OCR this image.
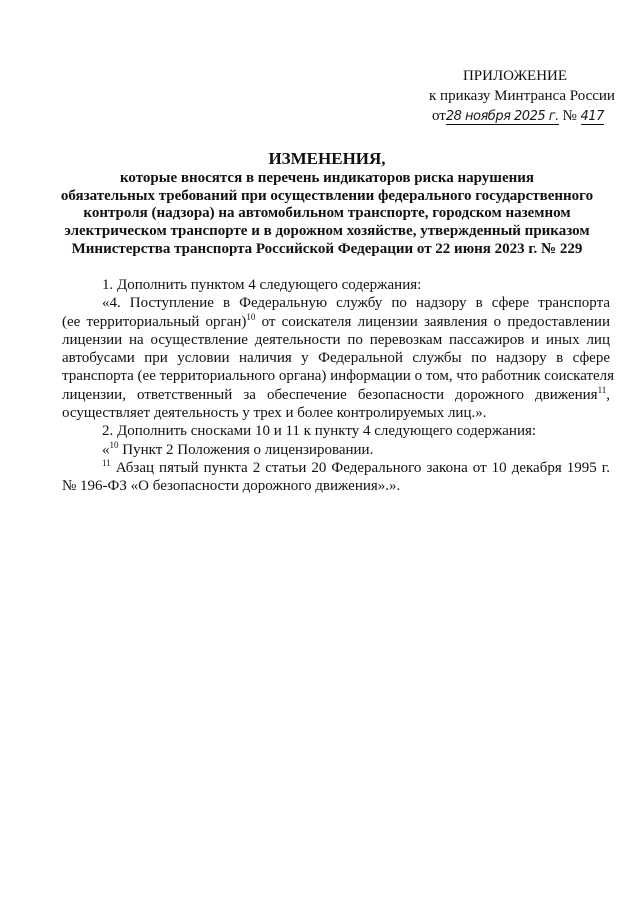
ПРИЛОЖЕНИЕ
к приказу Минтранса России
от28 ноября 2025 г. № 417
ИЗМЕНЕНИЯ,
которые вносятся в перечень индикаторов риска нарушения
обязательных требований при осуществлении федерального государственного
контроля (надзора) на автомобильном транспорте, городском наземном
электрическом транспорте и в дорожном хозяйстве, утвержденный приказом
Министерства транспорта Российской Федерации от 22 июня 2023 г. № 229

1. Дополнить пунктом 4 следующего содержания:

«4. Поступление в Федеральную службу по надзору в сфере транспорта
(ее территориальный орган)$^{10}$ от соискателя лицензии заявления о предоставлении
лицензии на осуществление деятельности по перевозкам пассажиров и иных лиц
автобусами при условии наличия у Федеральной службы по надзору в сфере
транспорта (ее территориального органа) информации о том, что работник соискателя
лицензии, ответственный за обеспечение безопасности дорожного движения$^{11}$,
осуществляет деятельность у трех и более контролируемых лиц.».

2. Дополнить сносками 10 и 11 к пункту 4 следующего содержания:

«$^{10}$ Пункт 2 Положения о лицензировании.

$^{11}$ Абзац пятый пункта 2 статьи 20 Федерального закона от 10 декабря 1995 г.
№ 196-ФЗ «О безопасности дорожного движения».».
